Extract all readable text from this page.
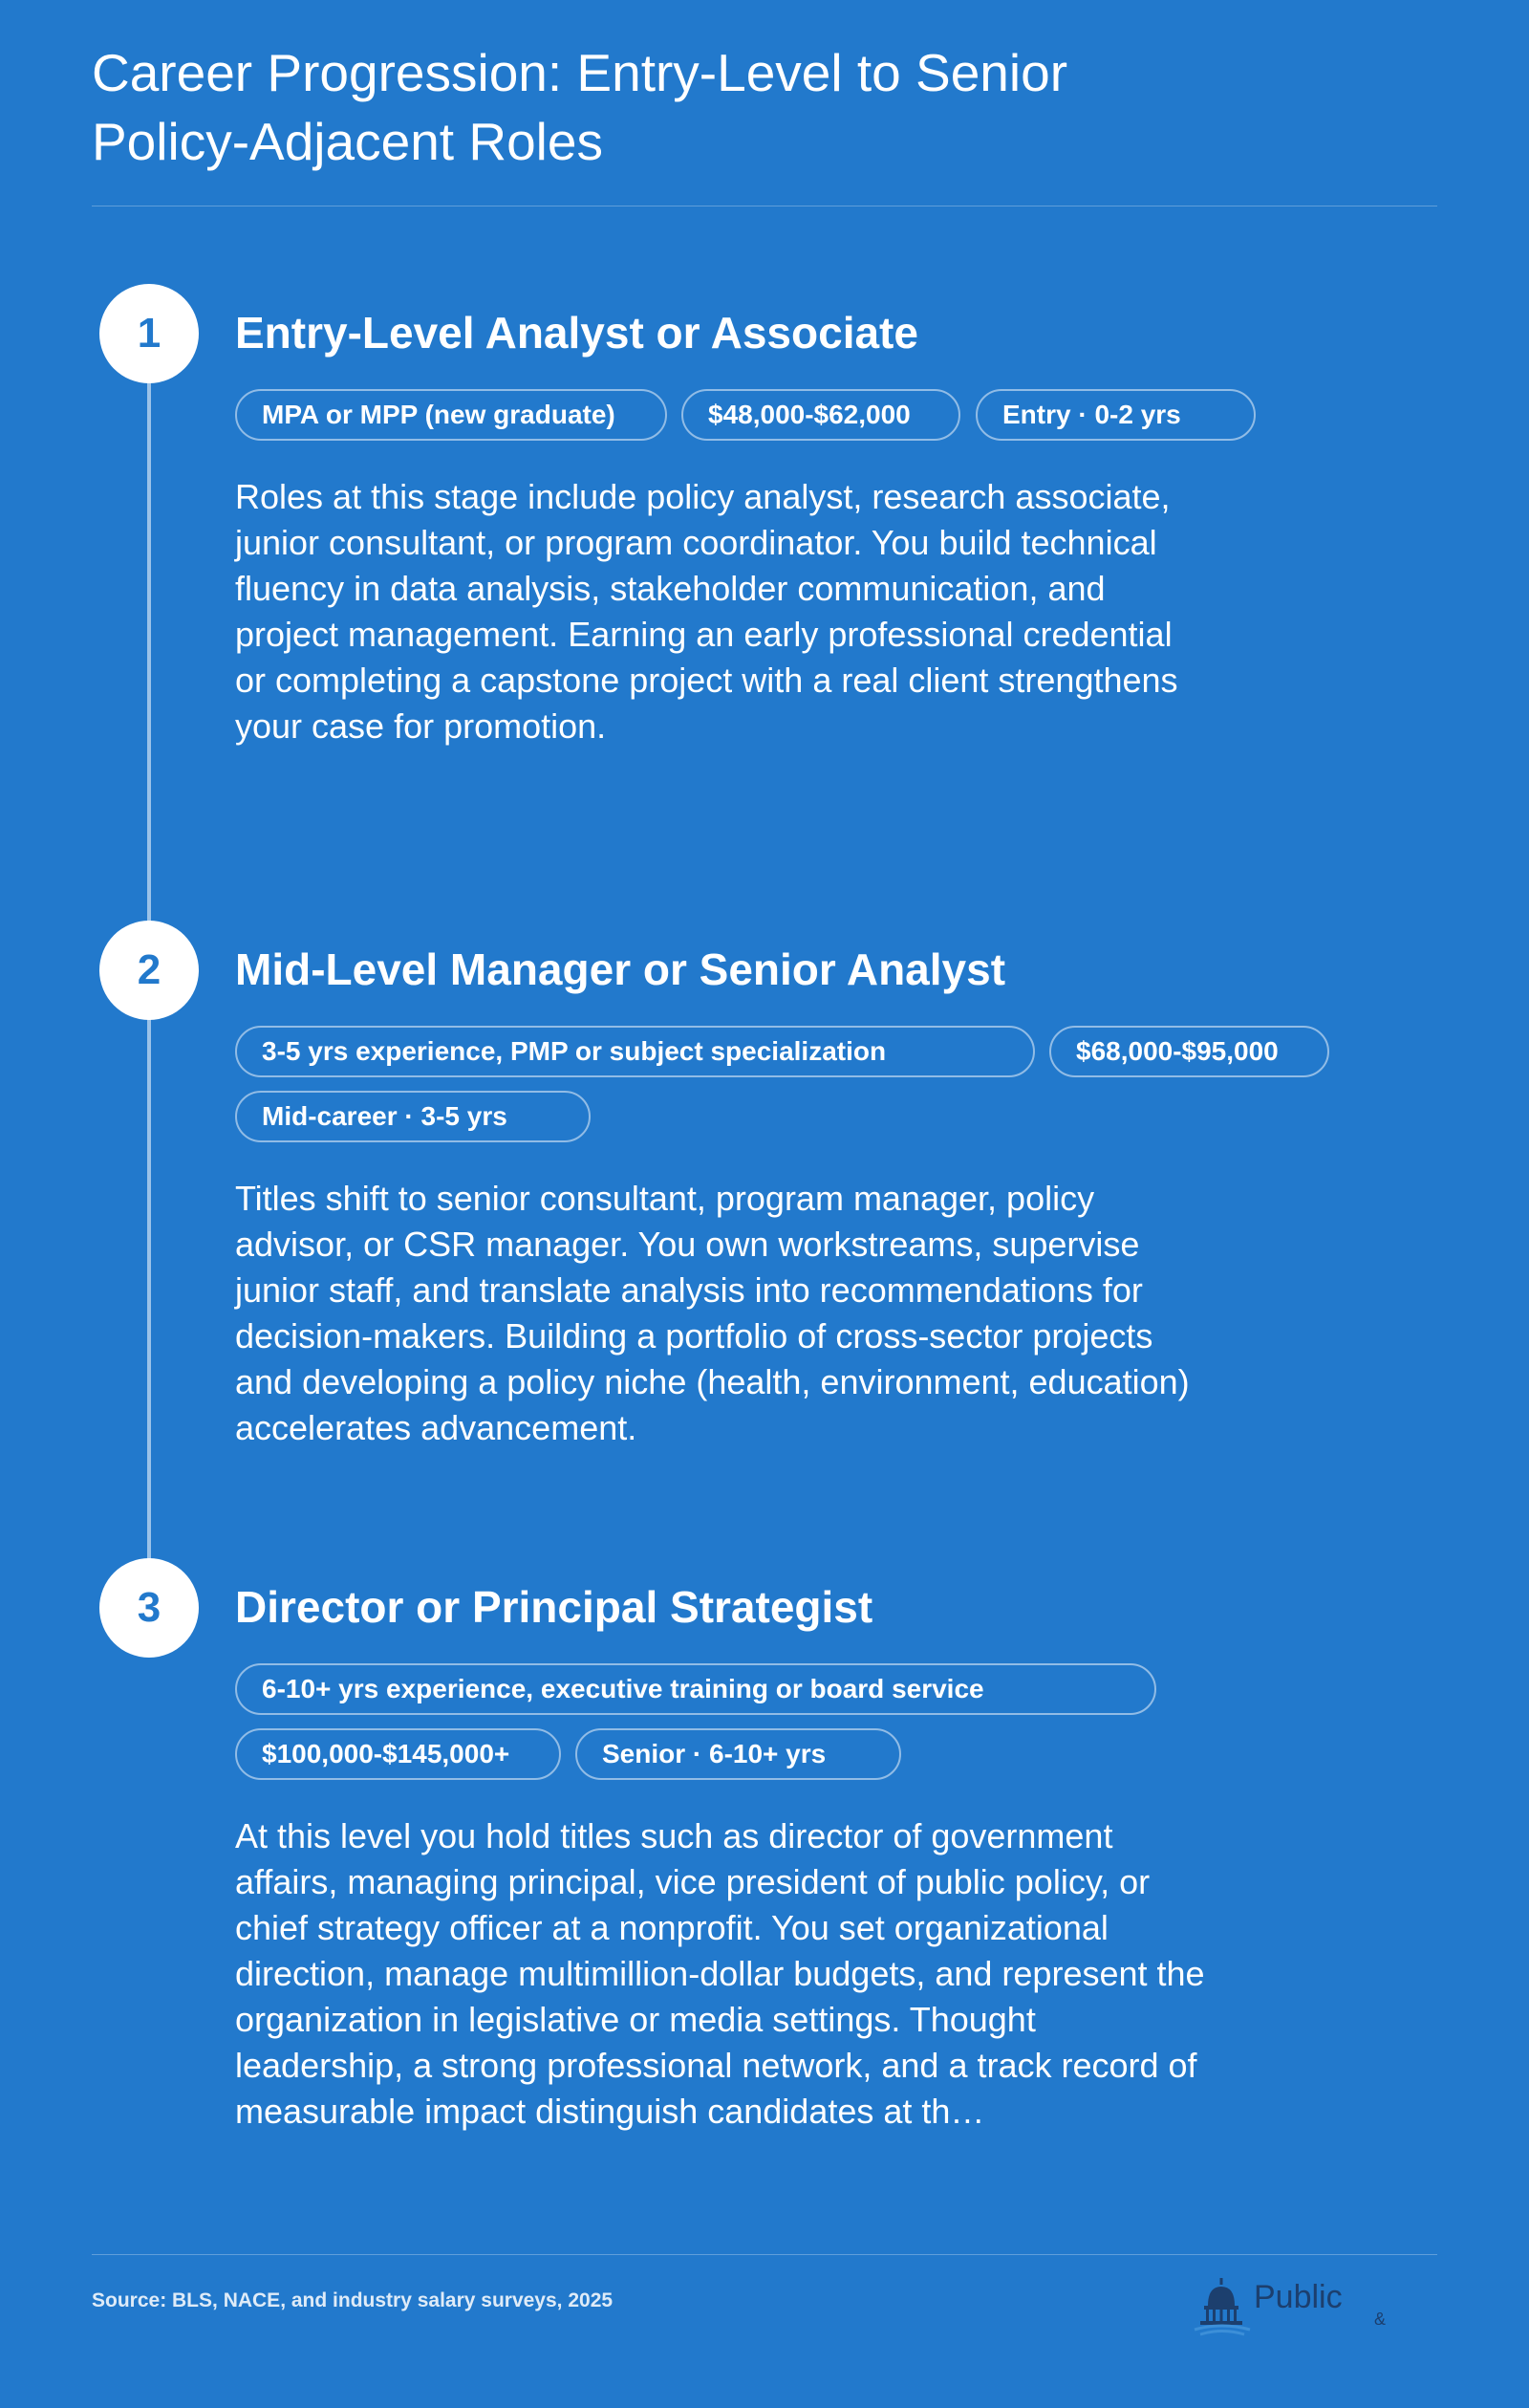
Career Progression: Entry-Level to Senior Policy-Adjacent Roles
1	Entry-Level Analyst or Associate
MPA or MPP (new graduate)	$48,000-$62,000	Entry · 0-2 yrs

Roles at this stage include policy analyst, research associate, junior consultant, or program coordinator. You build technical fluency in data analysis, stakeholder communication, and project management. Earning an early professional credential or completing a capstone project with a real client strengthens your case for promotion.

2	Mid-Level Manager or Senior Analyst
3-5 yrs experience, PMP or subject specialization	$68,000-$95,000
Mid-career · 3-5 yrs

Titles shift to senior consultant, program manager, policy advisor, or CSR manager. You own workstreams, supervise junior staff, and translate analysis into recommendations for decision-makers. Building a portfolio of cross-sector projects and developing a policy niche (health, environment, education) accelerates advancement.

3	Director or Principal Strategist
6-10+ yrs experience, executive training or board service
$100,000-$145,000+	Senior · 6-10+ yrs

At this level you hold titles such as director of government affairs, managing principal, vice president of public policy, or chief strategy officer at a nonprofit. You set organizational direction, manage multimillion-dollar budgets, and represent the organization in legislative or media settings. Thought leadership, a strong professional network, and a track record of measurable impact distinguish candidates at th…

Source: BLS, NACE, and industry salary surveys, 2025	Public
&
